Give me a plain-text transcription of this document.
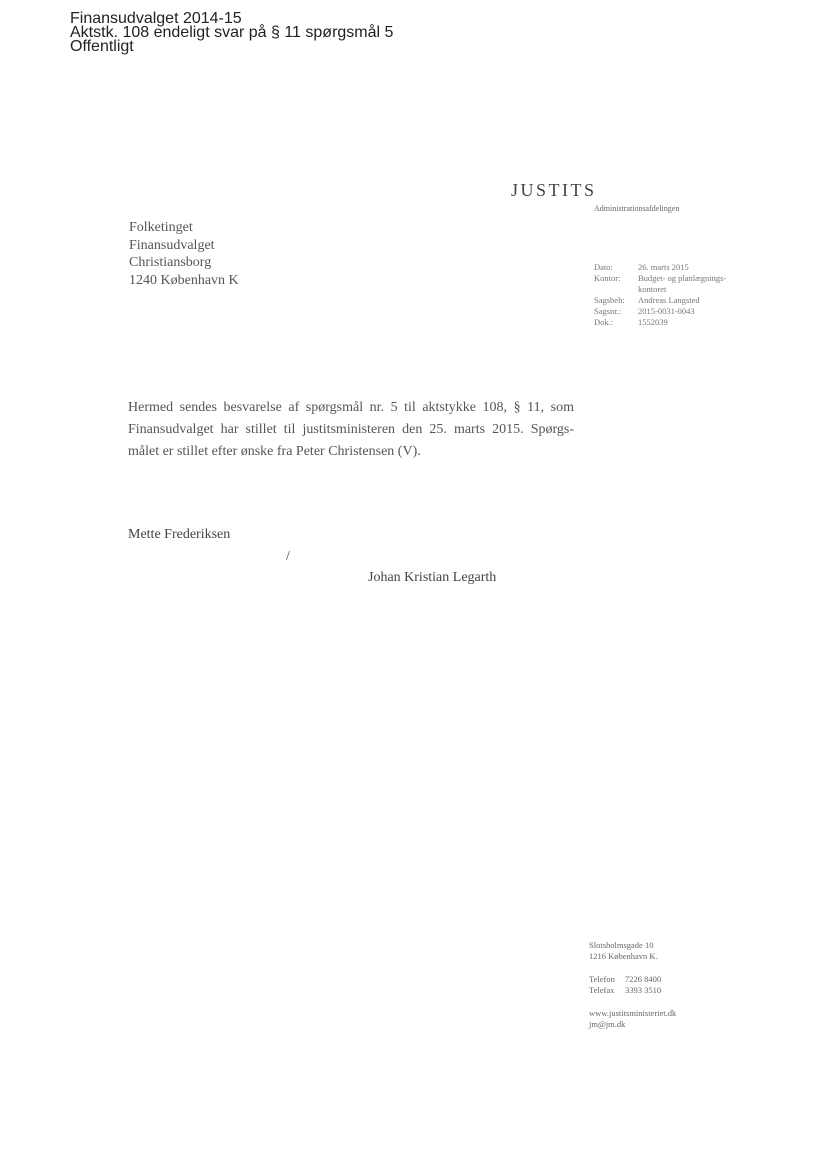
Finansudvalget 2014-15
Aktstk. 108 endeligt svar på § 11 spørgsmål 5
Offentligt
JUSTITS
Administrationsafdelingen
Folketinget
Finansudvalget
Christiansborg
1240 København K
Dato:	26. marts 2015
Kontor:	Budget- og planlægnings-
	kontoret
Sagsbeh:	Andreas Langsted
Sagsnr.:	2015-0031-0043
Dok.:	1552039
Hermed sendes besvarelse af spørgsmål nr. 5 til aktstykke 108, § 11, som
Finansudvalget har stillet til justitsministeren den 25. marts 2015. Spørgs-
målet er stillet efter ønske fra Peter Christensen (V).
Mette Frederiksen
/
Johan Kristian Legarth
Slotsholmsgade 10
1216 København K.
Telefon 7226 8400
Telefax 3393 3510
www.justitsministeriet.dk
jm@jm.dk
